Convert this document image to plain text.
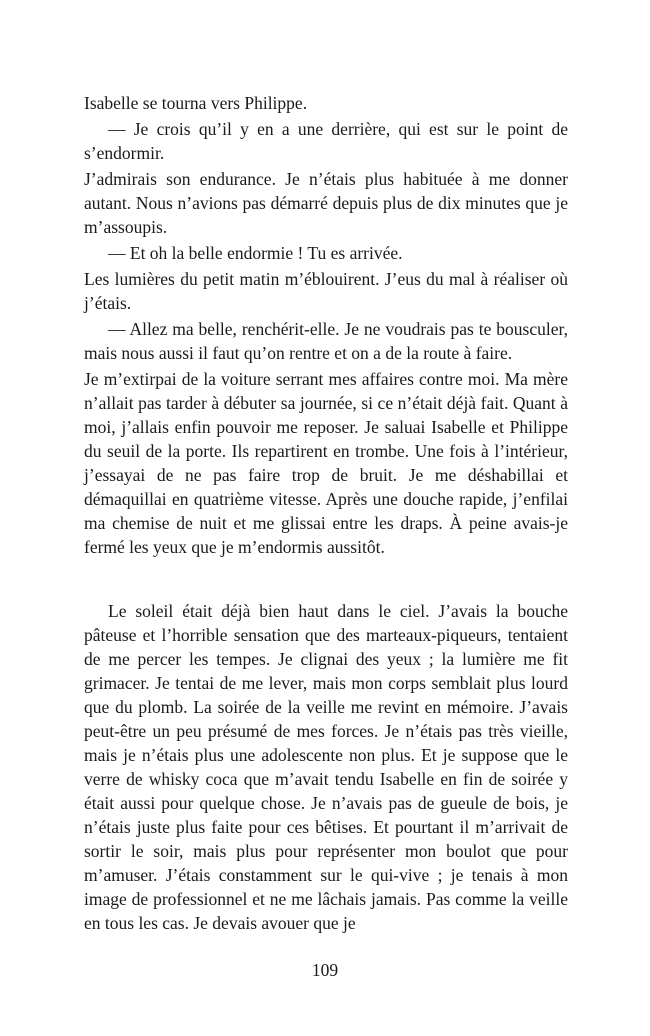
Isabelle se tourna vers Philippe.

— Je crois qu’il y en a une derrière, qui est sur le point de s’endormir.

J’admirais son endurance. Je n’étais plus habituée à me donner autant. Nous n’avions pas démarré depuis plus de dix minutes que je m’assoupis.

— Et oh la belle endormie ! Tu es arrivée.

Les lumières du petit matin m’éblouirent. J’eus du mal à réaliser où j’étais.

— Allez ma belle, renchérit-elle. Je ne voudrais pas te bousculer, mais nous aussi il faut qu’on rentre et on a de la route à faire.

Je m’extirpai de la voiture serrant mes affaires contre moi. Ma mère n’allait pas tarder à débuter sa journée, si ce n’était déjà fait. Quant à moi, j’allais enfin pouvoir me reposer. Je saluai Isabelle et Philippe du seuil de la porte. Ils repartirent en trombe. Une fois à l’intérieur, j’essayai de ne pas faire trop de bruit. Je me déshabillai et démaquillai en quatrième vitesse. Après une douche rapide, j’enfilai ma chemise de nuit et me glissai entre les draps. À peine avais-je fermé les yeux que je m’endormis aussitôt.

Le soleil était déjà bien haut dans le ciel. J’avais la bouche pâteuse et l’horrible sensation que des marteaux-piqueurs, tentaient de me percer les tempes. Je clignai des yeux ; la lumière me fit grimacer. Je tentai de me lever, mais mon corps semblait plus lourd que du plomb. La soirée de la veille me revint en mémoire. J’avais peut-être un peu présumé de mes forces. Je n’étais pas très vieille, mais je n’étais plus une adolescente non plus. Et je suppose que le verre de whisky coca que m’avait tendu Isabelle en fin de soirée y était aussi pour quelque chose. Je n’avais pas de gueule de bois, je n’étais juste plus faite pour ces bêtises. Et pourtant il m’arrivait de sortir le soir, mais plus pour représenter mon boulot que pour m’amuser. J’étais constamment sur le qui-vive ; je tenais à mon image de professionnel et ne me lâchais jamais. Pas comme la veille en tous les cas. Je devais avouer que je

109
